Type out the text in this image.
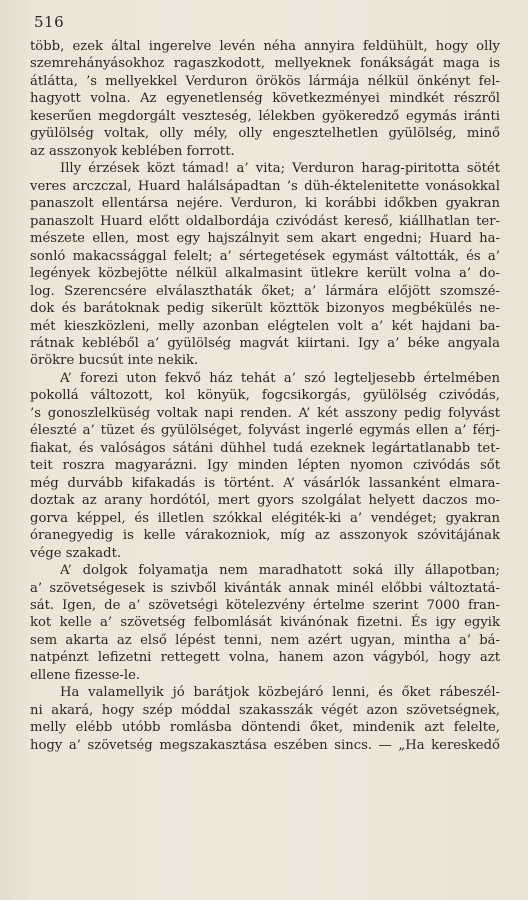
516
több, ezek által ingerelve levén néha annyira feldühült, hogy olly
szemrehányásokhoz ragaszkodott, mellyeknek fonákságát maga is
átlátta, ’s mellyekkel Verduron örökös lármája nélkül önkényt fel-
hagyott volna. Az egyenetlenség következményei mindkét részről
keserűen megdorgált veszteség, lélekben gyökeredző egymás iránti
gyülölség voltak, olly mély, olly engesztelhetlen gyülölség, minő
az asszonyok keblében forrott.
Illy érzések közt támad! a’ vita; Verduron harag-piritotta sötét
veres arczczal, Huard halálsápadtan ’s düh-éktelenitette vonásokkal
panaszolt ellentársa nejére. Verduron, ki korábbi időkben gyakran
panaszolt Huard előtt oldalbordája czivódást kereső, kiállhatlan ter-
mészete ellen, most egy hajszálnyit sem akart engedni; Huard ha-
sonló makacssággal felelt; a’ sértegetések egymást váltották, és a’
legények közbejötte nélkül alkalmasint ütlekre került volna a’ do-
log. Szerencsére elválaszthaták őket; a’ lármára előjött szomszé-
dok és barátoknak pedig sikerült közttök bizonyos megbékülés ne-
mét kieszközleni, melly azonban elégtelen volt a’ két hajdani ba-
rátnak kebléből a’ gyülölség magvát kiirtani. Igy a’ béke angyala
örökre bucsút inte nekik.
A’ forezi uton fekvő ház tehát a’ szó legteljesebb értelmében
pokollá változott, kol könyük, fogcsikorgás, gyülölség czivódás,
’s gonoszlelküség voltak napi renden. A’ két asszony pedig folyvást
éleszté a’ tüzet és gyülölséget, folyvást ingerlé egymás ellen a’ férj-
fiakat, és valóságos sátáni dühhel tudá ezeknek legártatlanabb tet-
teit roszra magyarázni. Igy minden lépten nyomon czivódás sőt
még durvább kifakadás is történt. A’ vásárlók lassanként elmara-
doztak az arany hordótól, mert gyors szolgálat helyett daczos mo-
gorva képpel, és illetlen szókkal elégiték-ki a’ vendéget; gyakran
óranegyedig is kelle várakozniok, míg az asszonyok szóvitájának
vége szakadt.
A’ dolgok folyamatja nem maradhatott soká illy állapotban;
a’ szövetségesek is szivből kivánták annak minél előbbi változtatá-
sát. Igen, de a’ szövetségi kötelezvény értelme szerint 7000 fran-
kot kelle a’ szövetség felbomlását kivánónak fizetni. És igy egyik
sem akarta az első lépést tenni, nem azért ugyan, mintha a’ bá-
natpénzt lefizetni rettegett volna, hanem azon vágyból, hogy azt
ellene fizesse-le.
Ha valamellyik jó barátjok közbejáró lenni, és őket rábeszél-
ni akará, hogy szép móddal szakasszák végét azon szövetségnek,
melly elébb utóbb romlásba döntendi őket, mindenik azt felelte,
hogy a’ szövetség megszakasztása eszében sincs. — „Ha kereskedő
